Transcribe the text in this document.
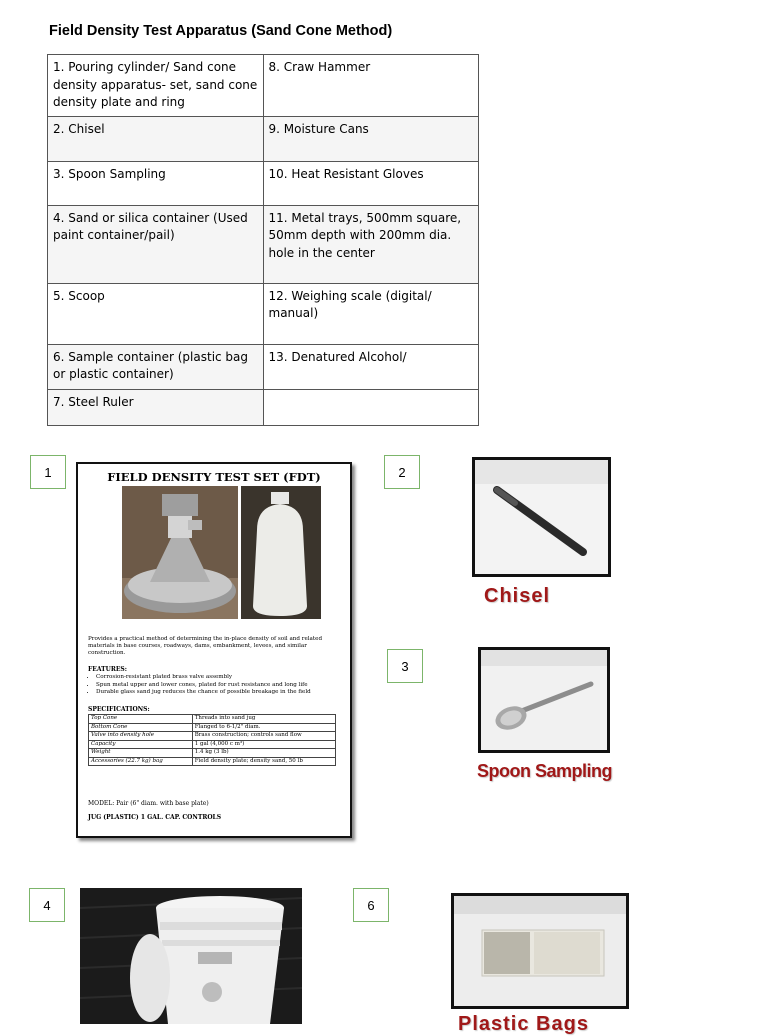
Field Density Test Apparatus (Sand Cone Method)
1. Pouring cylinder/ Sand cone density apparatus- set, sand cone density plate and ring	8. Craw Hammer
2. Chisel	9. Moisture Cans
3. Spoon Sampling	10. Heat Resistant Gloves
4. Sand or silica container (Used paint container/pail)	11. Metal trays, 500mm square, 50mm depth with 200mm dia. hole in the center
5. Scoop	12. Weighing scale (digital/ manual)
6. Sample container (plastic bag or plastic container)	13. Denatured Alcohol/
7. Steel Ruler	
1	2
3
4	6
FIELD DENSITY TEST SET (FDT)
Provides a practical method of determining the in-place density of soil and related materials in base courses, roadways, dams, embankment, levees, and similar construction.
FEATURES:
• Corrosion-resistant plated brass valve assembly
• Spun metal upper and lower cones, plated for rust resistance and long life
• Durable glass sand jug reduces the chance of possible breakage in the field
SPECIFICATIONS:
Top Cone	Threads into sand jug
Bottom Cone	Flanged to 6-1/2" diam.
Valve into density hole	Brass construction; controls sand flow
Capacity	1 gal (4,000 c m³)
Weight	1.4 kg (3 lb)
Accessories (22.7 kg) bag	Field density plate; density sand, 50 lb
MODEL: Pair (6" diam. with base plate)
JUG (PLASTIC) 1 GAL. CAP. CONTROLS
Chisel
Spoon Sampling
Plastic Bags
